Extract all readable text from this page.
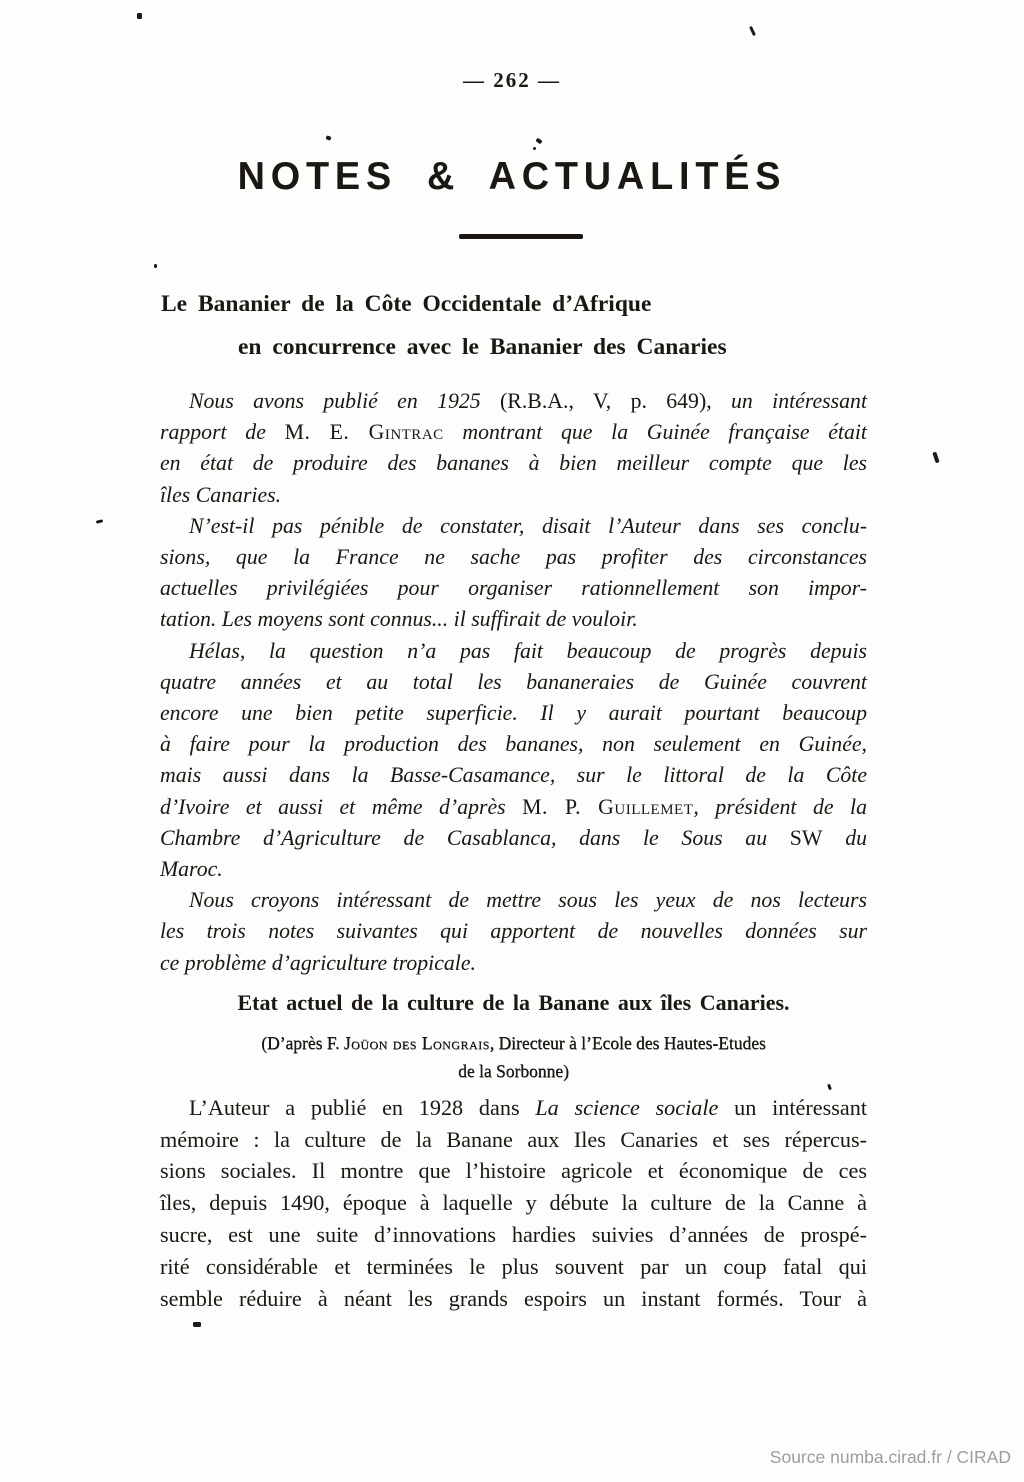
— 262 —
NOTES & ACTUALITÉS
Le Bananier de la Côte Occidentale d’Afrique
en concurrence avec le Bananier des Canaries
Nous avons publié en 1925 (R.B.A., V, p. 649), un intéressant
rapport de M. E. Gintrac montrant que la Guinée française était
en état de produire des bananes à bien meilleur compte que les
îles Canaries.
N’est-il pas pénible de constater, disait l’Auteur dans ses conclu-
sions, que la France ne sache pas profiter des circonstances
actuelles privilégiées pour organiser rationnellement son impor-
tation. Les moyens sont connus... il suffirait de vouloir.
Hélas, la question n’a pas fait beaucoup de progrès depuis
quatre années et au total les bananeraies de Guinée couvrent
encore une bien petite superficie. Il y aurait pourtant beaucoup
à faire pour la production des bananes, non seulement en Guinée,
mais aussi dans la Basse-Casamance, sur le littoral de la Côte
d’Ivoire et aussi et même d’après M. P. Guillemet, président de la
Chambre d’Agriculture de Casablanca, dans le Sous au SW du
Maroc.
Nous croyons intéressant de mettre sous les yeux de nos lecteurs
les trois notes suivantes qui apportent de nouvelles données sur
ce problème d’agriculture tropicale.
Etat actuel de la culture de la Banane aux îles Canaries.
(D’après F. Joüon des Longrais, Directeur à l’Ecole des Hautes-Etudes
de la Sorbonne)
L’Auteur a publié en 1928 dans La science sociale un intéressant
mémoire : la culture de la Banane aux Iles Canaries et ses répercus-
sions sociales. Il montre que l’histoire agricole et économique de ces
îles, depuis 1490, époque à laquelle y débute la culture de la Canne à
sucre, est une suite d’innovations hardies suivies d’années de prospé-
rité considérable et terminées le plus souvent par un coup fatal qui
semble réduire à néant les grands espoirs un instant formés. Tour à
Source numba.cirad.fr / CIRAD
